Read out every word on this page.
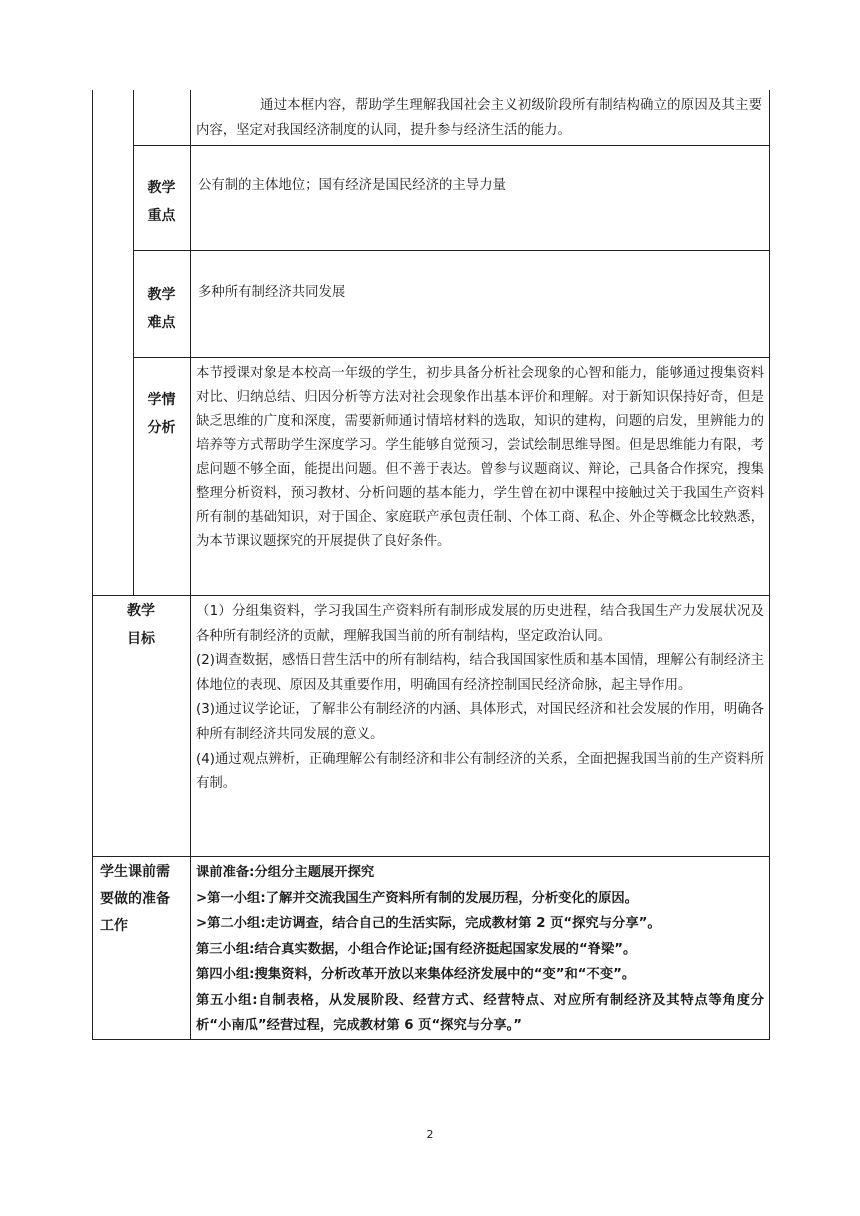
通过本框内容，帮助学生理解我国社会主义初级阶段所有制结构确立的原因及其主要内容，坚定对我国经济制度的认同，提升参与经济生活的能力。

教学
重点

公有制的主体地位；国有经济是国民经济的主导力量

教学
难点

多种所有制经济共同发展

学情
分析

本节授课对象是本校高一年级的学生，初步具备分析社会现象的心智和能力，能够通过搜集资料对比、归纳总结、归因分析等方法对社会现象作出基本评价和理解。对于新知识保持好奇，但是缺乏思维的广度和深度，需要新师通讨情培材料的选取，知识的建构，问题的启发，里辨能力的培养等方式帮助学生深度学习。学生能够自觉预习，尝试绘制思维导图。但是思维能力有限，考虑问题不够全面，能提出问题。但不善于表达。曾参与议题商议、辩论，己具备合作探究，搜集整理分析资料，预习教材、分析问题的基本能力，学生曾在初中课程中接触过关于我国生产资料所有制的基础知识，对于国企、家庭联产承包责任制、个体工商、私企、外企等概念比较熟悉，为本节课议题探究的开展提供了良好条件。

教学
目标

（1）分组集资料，学习我国生产资料所有制形成发展的历史进程，结合我国生产力发展状况及各种所有制经济的贡献，理解我国当前的所有制结构，坚定政治认同。

(2)调查数据，感悟日营生活中的所有制结构，结合我国国家性质和基本国情，理解公有制经济主体地位的表现、原因及其重要作用，明确国有经济控制国民经济命脉，起主导作用。

(3)通过议学论证，了解非公有制经济的内涵、具体形式，对国民经济和社会发展的作用，明确各种所有制经济共同发展的意义。

(4)通过观点辨析，正确理解公有制经济和非公有制经济的关系，全面把握我国当前的生产资料所有制。

学生课前需
要做的准备
工作

课前准备:分组分主题展开探究

>第一小组:了解并交流我国生产资料所有制的发展历程，分析变化的原因。

>第二小组:走访调查，结合自己的生活实际，完成教材第 2 页“探究与分享”。

第三小组:结合真实数据，小组合作论证;国有经济挺起国家发展的“脊梁”。

第四小组:搜集资料，分析改革开放以来集体经济发展中的“变”和“不变”。

第五小组:自制表格，从发展阶段、经营方式、经营特点、对应所有制经济及其特点等角度分析“小南瓜”经营过程，完成教材第 6 页“探究与分享。”

2
